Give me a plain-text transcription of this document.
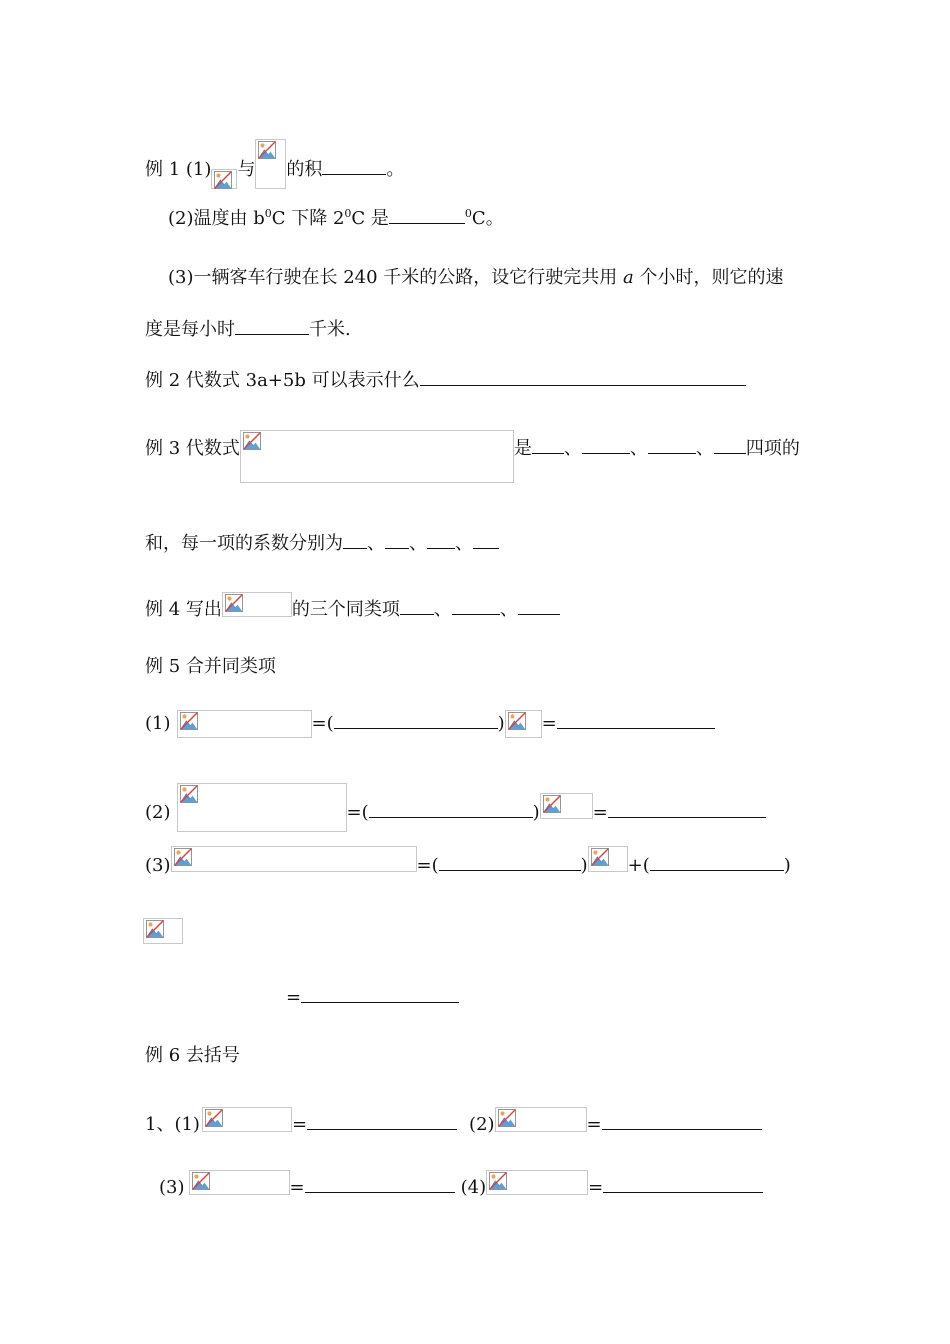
例 1 (1) 与 的积	。
(2)温度由 $b^0C$ 下降 $2^0C$ 是	$^0$C。
(3)一辆客车行驶在长 240 千米的公路，设它行驶完共用 a 个小时，则它的速
度是每小时	千米.
例 2 代数式 3a+5b 可以表示什么
例 3 代数式	是 、	、	、 四项的
和，每一项的系数分别为 、 、 、
例 4 写出	的三个同类项 、	、
例 5 合并同类项
(1)	=(	) =
(2)	=(	)	=
(3)	=(	) +(	)
=
例 6 去括号
1、(1)	=	(2)	=
(3)	=	(4)	=
